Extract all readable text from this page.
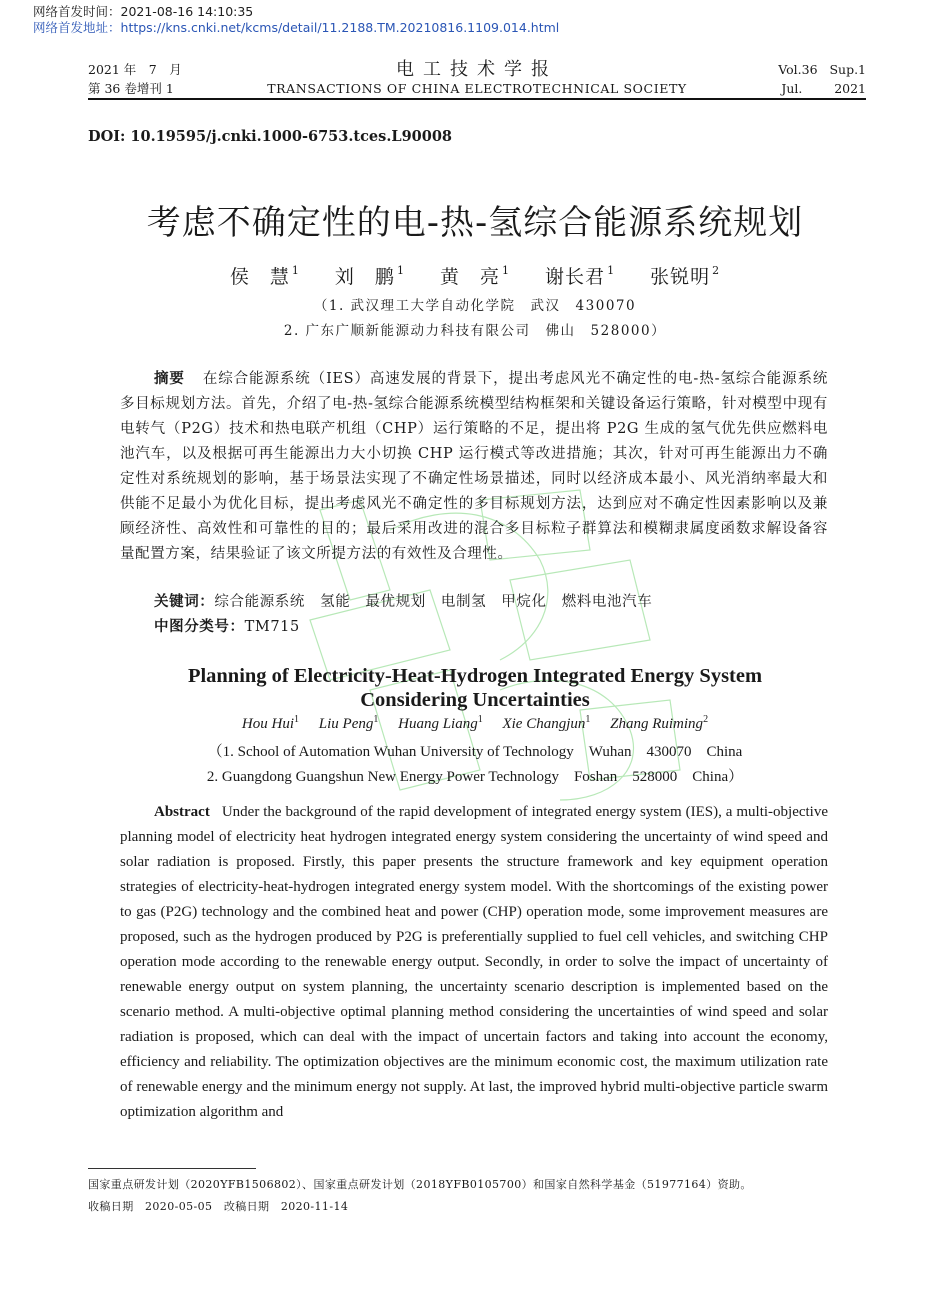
网络首发时间：2021-08-16 14:10:35
网络首发地址：https://kns.cnki.net/kcms/detail/11.2188.TM.20210816.1109.014.html
2021 年　7　月
第 36 卷增刊 1
电工技术学报
TRANSACTIONS OF CHINA ELECTROTECHNICAL SOCIETY
Vol.36 Sup.1
Jul.	2021
DOI: 10.19595/j.cnki.1000-6753.tces.L90008
考虑不确定性的电-热-氢综合能源系统规划
侯　慧 $^1$ 刘　鹏 $^1$ 黄　亮 $^1$ 谢长君 $^1$ 张锐明 $^2$
（1. 武汉理工大学自动化学院　武汉　430070
2. 广东广顺新能源动力科技有限公司　佛山　528000）
摘要 在综合能源系统（IES）高速发展的背景下，提出考虑风光不确定性的电-热-氢综合能源系统多目标规划方法。首先，介绍了电-热-氢综合能源系统模型结构框架和关键设备运行策略，针对模型中现有电转气（P2G）技术和热电联产机组（CHP）运行策略的不足，提出将 P2G 生成的氢气优先供应燃料电池汽车，以及根据可再生能源出力大小切换 CHP 运行模式等改进措施；其次，针对可再生能源出力不确定性对系统规划的影响，基于场景法实现了不确定性场景描述，同时以经济成本最小、风光消纳率最大和供能不足最小为优化目标，提出考虑风光不确定性的多目标规划方法，达到应对不确定性因素影响以及兼顾经济性、高效性和可靠性的目的；最后采用改进的混合多目标粒子群算法和模糊隶属度函数求解设备容量配置方案，结果验证了该文所提方法的有效性及合理性。
关键词：综合能源系统　氢能　最优规划　电制氢　甲烷化　燃料电池汽车
中图分类号：TM715
Planning of Electricity-Heat-Hydrogen Integrated Energy System
Considering Uncertainties
Hou Hui$^1$ Liu Peng$^1$ Huang Liang$^1$ Xie Changjun$^1$ Zhang Ruiming$^2$
（1. School of Automation Wuhan University of Technology　Wuhan　430070　China
2. Guangdong Guangshun New Energy Power Technology　Foshan　528000　China）
Abstract Under the background of the rapid development of integrated energy system (IES), a multi-objective planning model of electricity heat hydrogen integrated energy system considering the uncertainty of wind speed and solar radiation is proposed. Firstly, this paper presents the structure framework and key equipment operation strategies of electricity-heat-hydrogen integrated energy system model. With the shortcomings of the existing power to gas (P2G) technology and the combined heat and power (CHP) operation mode, some improvement measures are proposed, such as the hydrogen produced by P2G is preferentially supplied to fuel cell vehicles, and switching CHP operation mode according to the renewable energy output. Secondly, in order to solve the impact of uncertainty of renewable energy output on system planning, the uncertainty scenario description is implemented based on the scenario method. A multi-objective optimal planning method considering the uncertainties of wind speed and solar radiation is proposed, which can deal with the impact of uncertain factors and taking into account the economy, efficiency and reliability. The optimization objectives are the minimum economic cost, the maximum utilization rate of renewable energy and the minimum energy not supply. At last, the improved hybrid multi-objective particle swarm optimization algorithm and
国家重点研发计划（2020YFB1506802）、国家重点研发计划（2018YFB0105700）和国家自然科学基金（51977164）资助。
收稿日期　2020-05-05　改稿日期　2020-11-14
